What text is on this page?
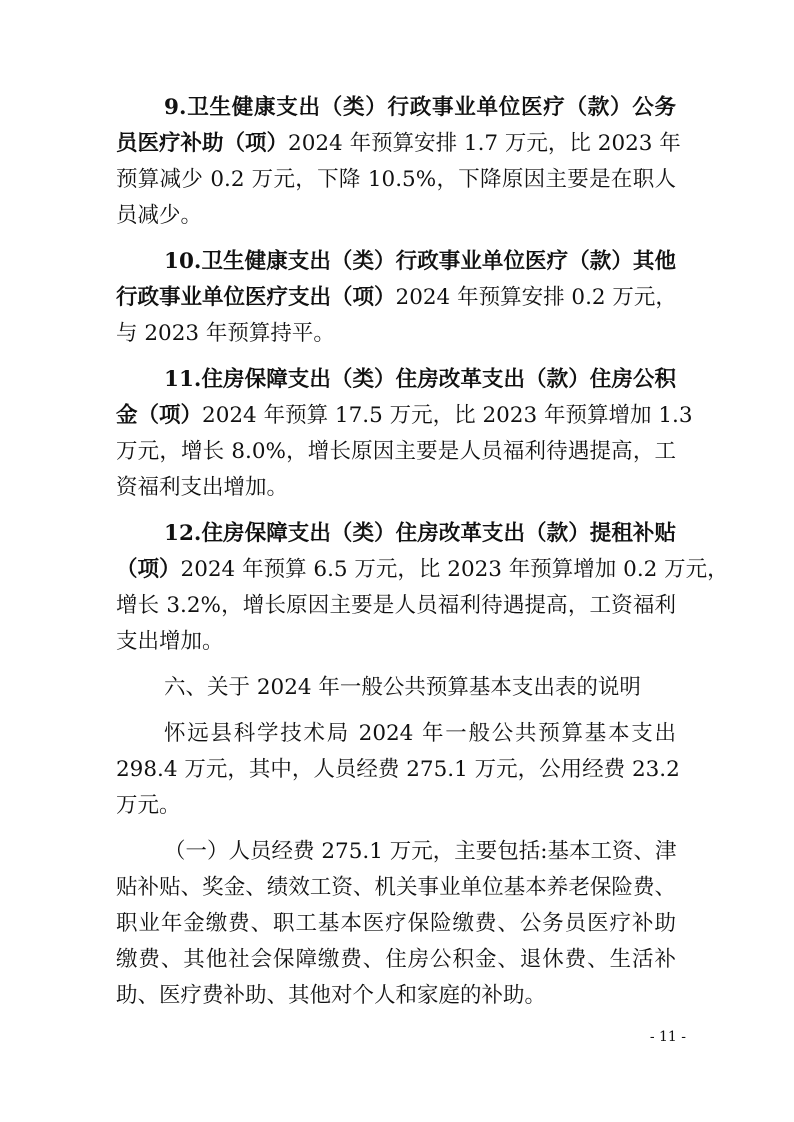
9.卫生健康支出（类）行政事业单位医疗（款）公务
员医疗补助（项）2024 年预算安排 1.7 万元，比 2023 年
预算减少 0.2 万元，下降 10.5%，下降原因主要是在职人
员减少。
10.卫生健康支出（类）行政事业单位医疗（款）其他
行政事业单位医疗支出（项）2024 年预算安排 0.2 万元，
与 2023 年预算持平。
11.住房保障支出（类）住房改革支出（款）住房公积
金（项）2024 年预算 17.5 万元，比 2023 年预算增加 1.3
万元，增长 8.0%，增长原因主要是人员福利待遇提高，工
资福利支出增加。
12.住房保障支出（类）住房改革支出（款）提租补贴
（项）2024 年预算 6.5 万元，比 2023 年预算增加 0.2 万元，
增长 3.2%，增长原因主要是人员福利待遇提高，工资福利
支出增加。
六、关于 2024 年一般公共预算基本支出表的说明
怀远县科学技术局 2024 年一般公共预算基本支出
298.4 万元，其中，人员经费 275.1 万元，公用经费 23.2
万元。
（一）人员经费 275.1 万元，主要包括:基本工资、津
贴补贴、奖金、绩效工资、机关事业单位基本养老保险费、
职业年金缴费、职工基本医疗保险缴费、公务员医疗补助
缴费、其他社会保障缴费、住房公积金、退休费、生活补
助、医疗费补助、其他对个人和家庭的补助。
- 11 -
